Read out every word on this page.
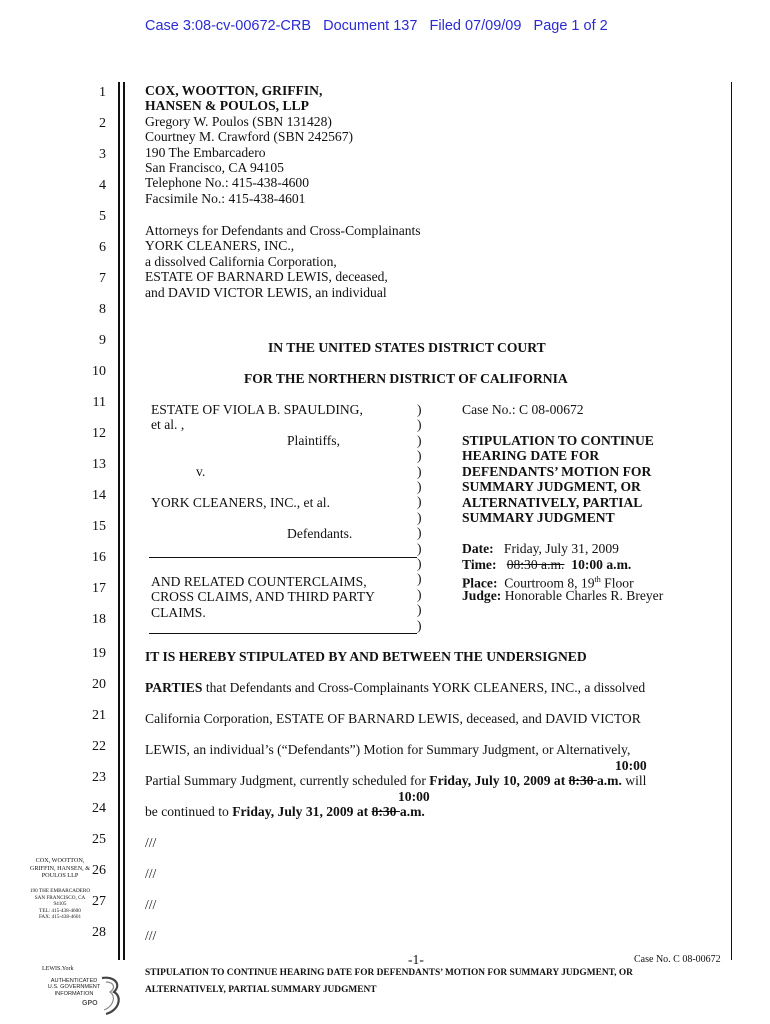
Case 3:08-cv-00672-CRB Document 137 Filed 07/09/09 Page 1 of 2
1
2
3
4
5
6
7
8
9
10
11
12
13
14
15
16
17
18
19
20
21
22
23
24
25
26
27
28
COX, WOOTTON, GRIFFIN,
HANSEN & POULOS, LLP
Gregory W. Poulos (SBN 131428)
Courtney M. Crawford (SBN 242567)
190 The Embarcadero
San Francisco, CA 94105
Telephone No.: 415-438-4600
Facsimile No.: 415-438-4601
Attorneys for Defendants and Cross-Complainants
YORK CLEANERS, INC.,
a dissolved California Corporation,
ESTATE OF BARNARD LEWIS, deceased,
and DAVID VICTOR LEWIS, an individual
IN THE UNITED STATES DISTRICT COURT
FOR THE NORTHERN DISTRICT OF CALIFORNIA
ESTATE OF VIOLA B. SPAULDING,
et al. ,
Plaintiffs,
v.
YORK CLEANERS, INC., et al.
Defendants.
AND RELATED COUNTERCLAIMS,
CROSS CLAIMS, AND THIRD PARTY
CLAIMS.
)
)
)
)
)
)
)
)
)
)
)
)
)
)
)
Case No.: C 08-00672
STIPULATION TO CONTINUE
HEARING DATE FOR
DEFENDANTS’ MOTION FOR
SUMMARY JUDGMENT, OR
ALTERNATIVELY, PARTIAL
SUMMARY JUDGMENT
Date: Friday, July 31, 2009
Time: 08:30 a.m. 10:00 a.m.
Place: Courtroom 8, 19th Floor
Judge: Honorable Charles R. Breyer
IT IS HEREBY STIPULATED BY AND BETWEEN THE UNDERSIGNED
PARTIES that Defendants and Cross-Complainants YORK CLEANERS, INC., a dissolved
California Corporation, ESTATE OF BARNARD LEWIS, deceased, and DAVID VICTOR
LEWIS, an individual’s (“Defendants”) Motion for Summary Judgment, or Alternatively,
10:00
Partial Summary Judgment, currently scheduled for Friday, July 10, 2009 at 8:30 a.m. will
10:00
be continued to Friday, July 31, 2009 at 8:30 a.m.
///
///
///
///
COX, WOOTTON,
GRIFFIN, HANSEN, &
POULOS LLP
190 THE EMBARCADERO
SAN FRANCISCO, CA
94105
TEL: 415-438-4600
FAX: 415-438-4601
-1-	Case No. C 08-00672
STIPULATION TO CONTINUE HEARING DATE FOR DEFENDANTS’ MOTION FOR SUMMARY JUDGMENT, OR
ALTERNATIVELY, PARTIAL SUMMARY JUDGMENT
LEWIS.York
AUTHENTICATED
U.S. GOVERNMENT
INFORMATION
GPO
